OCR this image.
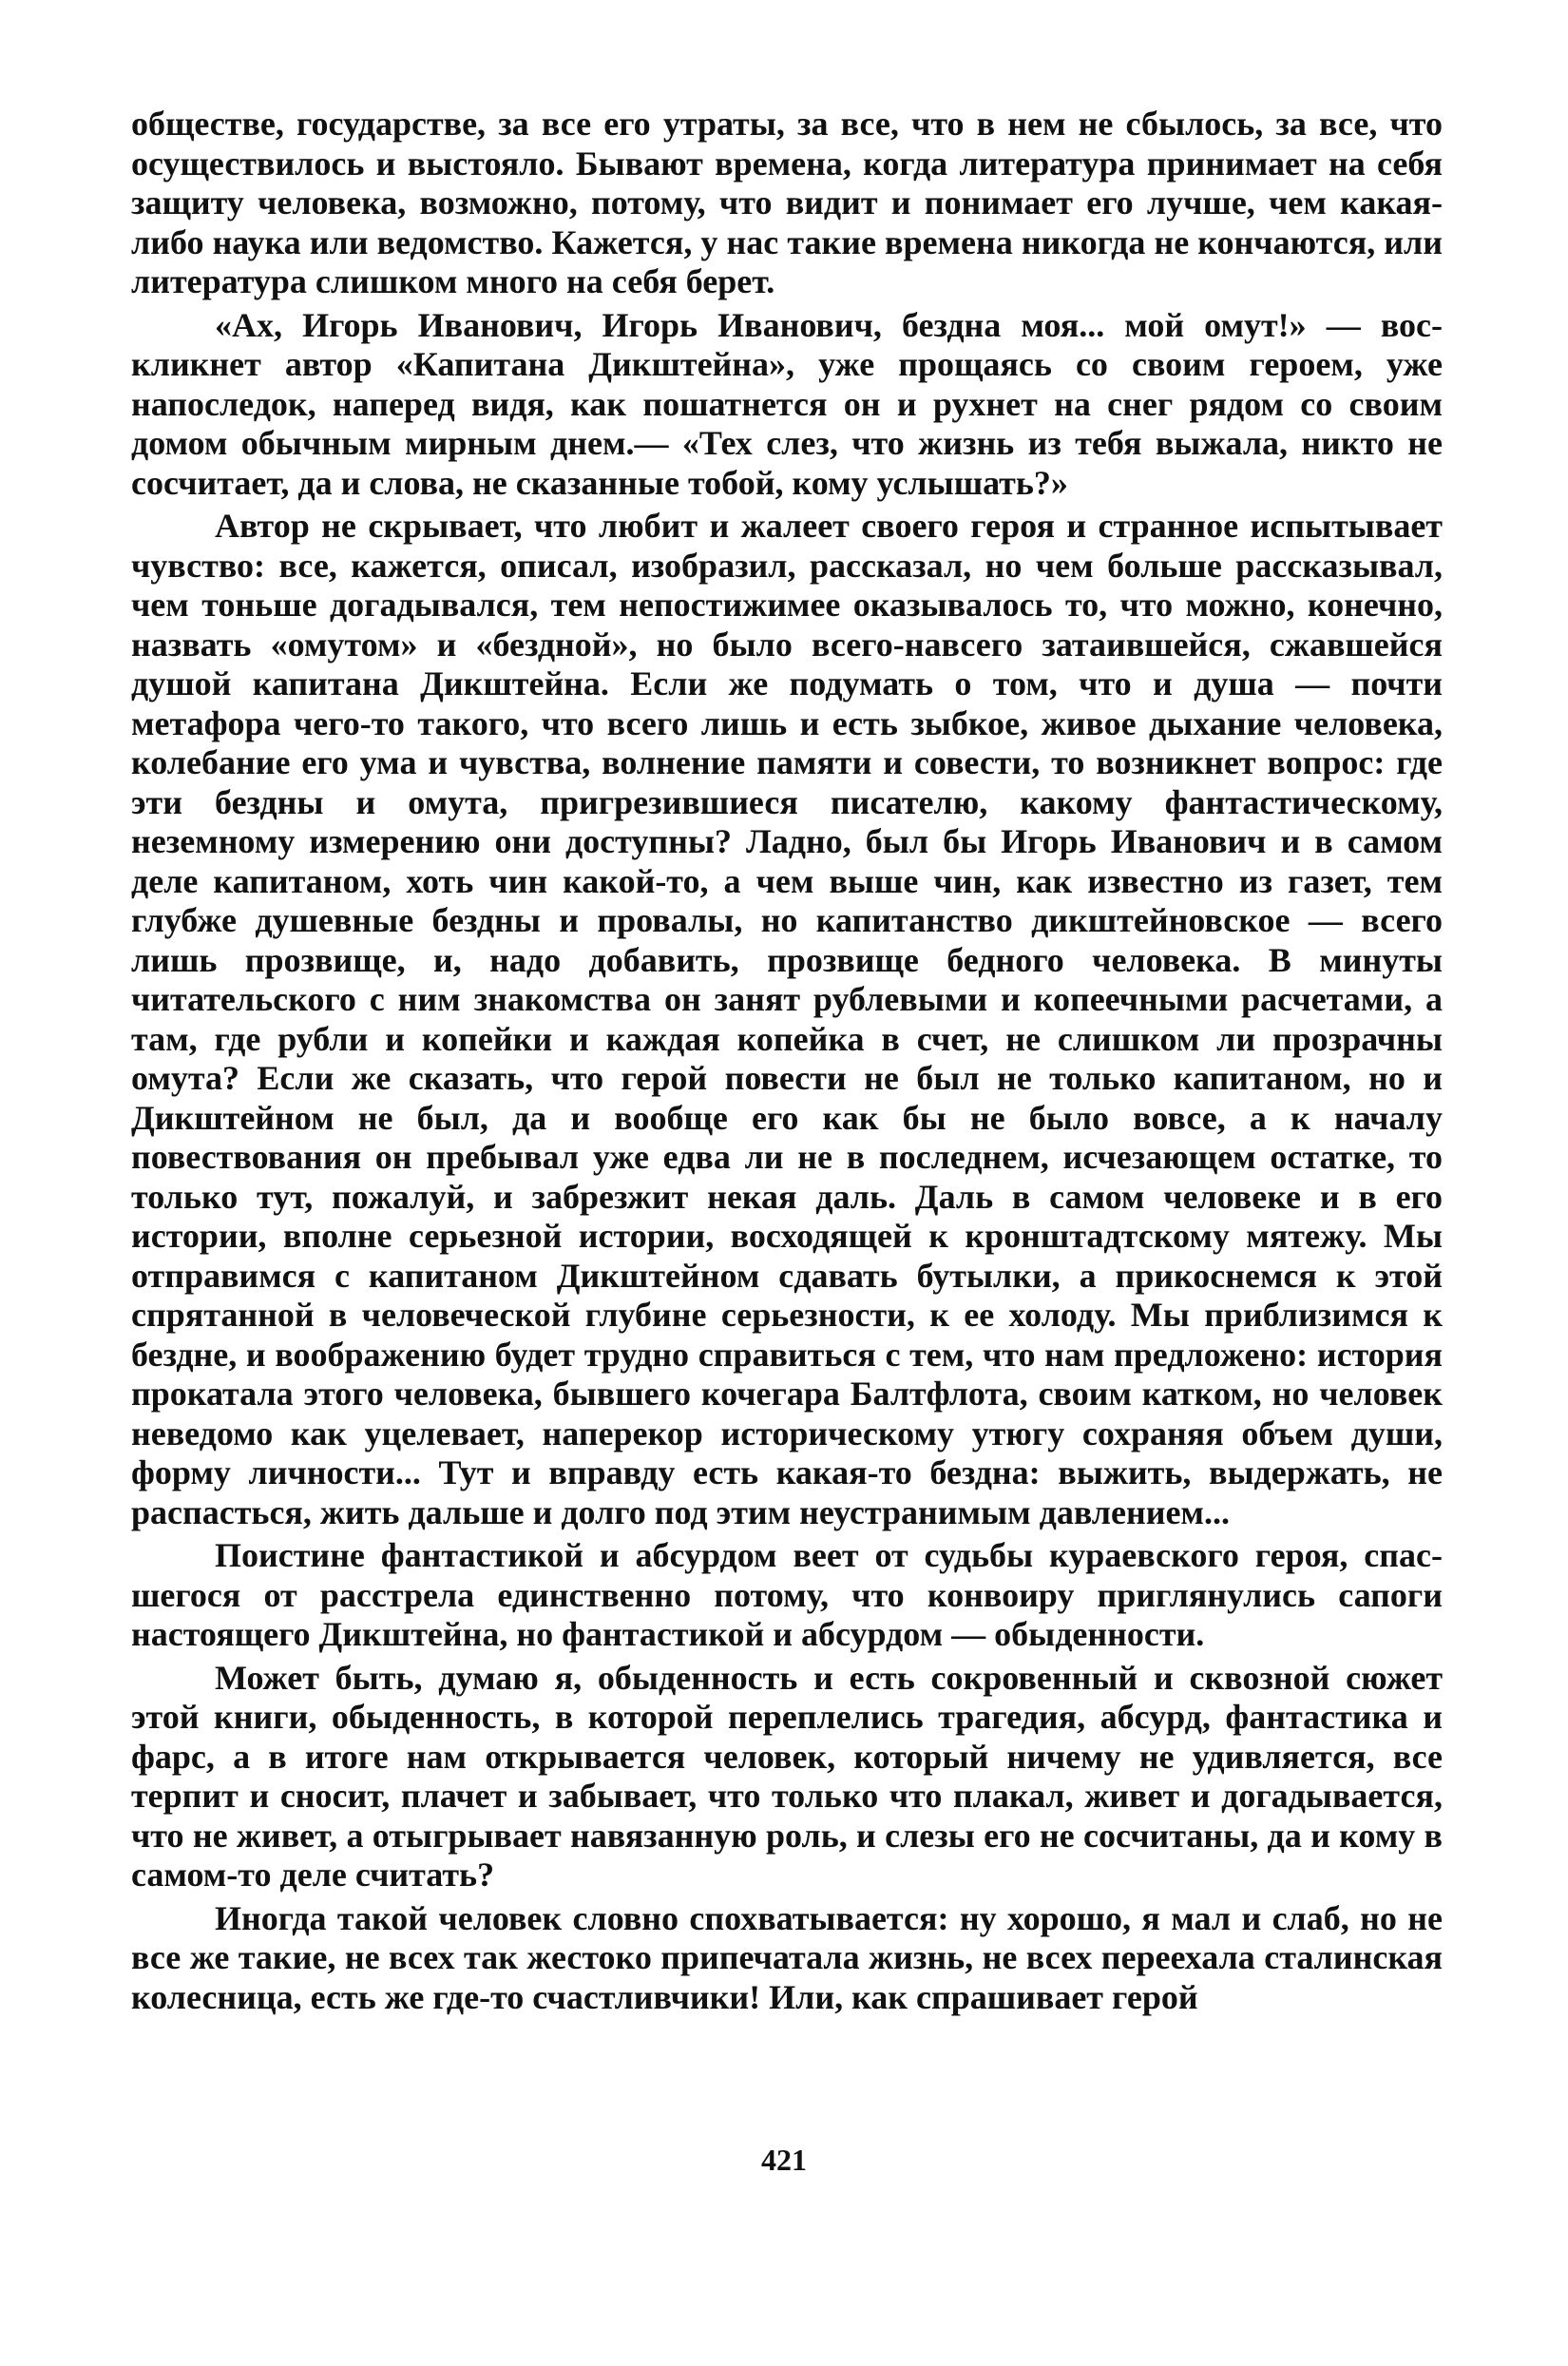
обществе, государстве, за все его утраты, за все, что в нем не сбылось, за все, что осуществилось и выстояло. Бывают времена, когда литература принимает на себя защиту человека, возможно, потому, что видит и понимает его лучше, чем какая-либо наука или ведомство. Кажется, у нас такие времена никогда не кончаются, или литература слишком много на себя берет.

«Ах, Игорь Иванович, Игорь Иванович, бездна моя... мой омут!» — воскликнет автор «Капитана Дикштейна», уже прощаясь со своим героем, уже напоследок, наперед видя, как пошатнется он и рухнет на снег рядом со своим домом обычным мирным днем.— «Тех слез, что жизнь из тебя выжала, никто не сосчитает, да и слова, не сказанные тобой, кому услышать?»

Автор не скрывает, что любит и жалеет своего героя и странное испытывает чувство: все, кажется, описал, изобразил, рассказал, но чем больше рассказывал, чем тоньше догадывался, тем непостижимее оказывалось то, что можно, конечно, назвать «омутом» и «бездной», но было всего-навсего затаившейся, сжавшейся душой капитана Дикштейна. Если же подумать о том, что и душа — почти метафора чего-то такого, что всего лишь и есть зыбкое, живое дыхание человека, колебание его ума и чувства, волнение памяти и совести, то возникнет вопрос: где эти бездны и омута, пригрезившиеся писателю, какому фантастическому, неземному измерению они доступны? Ладно, был бы Игорь Иванович и в самом деле капитаном, хоть чин какой-то, а чем выше чин, как известно из газет, тем глубже душевные бездны и провалы, но капитанство дикштейновское — всего лишь прозвище, и, надо добавить, прозвище бедного человека. В минуты читательского с ним знакомства он занят рублевыми и копеечными расчетами, а там, где рубли и копейки и каждая копейка в счет, не слишком ли прозрачны омута? Если же сказать, что герой повести не был не только капитаном, но и Дикштейном не был, да и вообще его как бы не было вовсе, а к началу повествования он пребывал уже едва ли не в последнем, исчезающем остатке, то только тут, пожалуй, и забрезжит некая даль. Даль в самом человеке и в его истории, вполне серьезной истории, восходящей к кронштадтскому мятежу. Мы отправимся с капитаном Дикштейном сдавать бутылки, а прикоснемся к этой спрятанной в человеческой глубине серьезности, к ее холоду. Мы приблизимся к бездне, и воображению будет трудно справиться с тем, что нам предложено: история прокатала этого человека, бывшего кочегара Балтфлота, своим катком, но человек неведомо как уцелевает, наперекор историческому утюгу сохраняя объем души, форму личности... Тут и вправду есть какая-то бездна: выжить, выдержать, не распасться, жить дальше и долго под этим неустранимым давлением...

Поистине фантастикой и абсурдом веет от судьбы кураевского героя, спасшегося от расстрела единственно потому, что конвоиру приглянулись сапоги настоящего Дикштейна, но фантастикой и абсурдом — обыденности.

Может быть, думаю я, обыденность и есть сокровенный и сквозной сюжет этой книги, обыденность, в которой переплелись трагедия, абсурд, фантастика и фарс, а в итоге нам открывается человек, который ничему не удивляется, все терпит и сносит, плачет и забывает, что только что плакал, живет и догадывается, что не живет, а отыгрывает навязанную роль, и слезы его не сосчитаны, да и кому в самом-то деле считать?

Иногда такой человек словно спохватывается: ну хорошо, я мал и слаб, но не все же такие, не всех так жестоко припечатала жизнь, не всех переехала сталинская колесница, есть же где-то счастливчики! Или, как спрашивает герой

421
